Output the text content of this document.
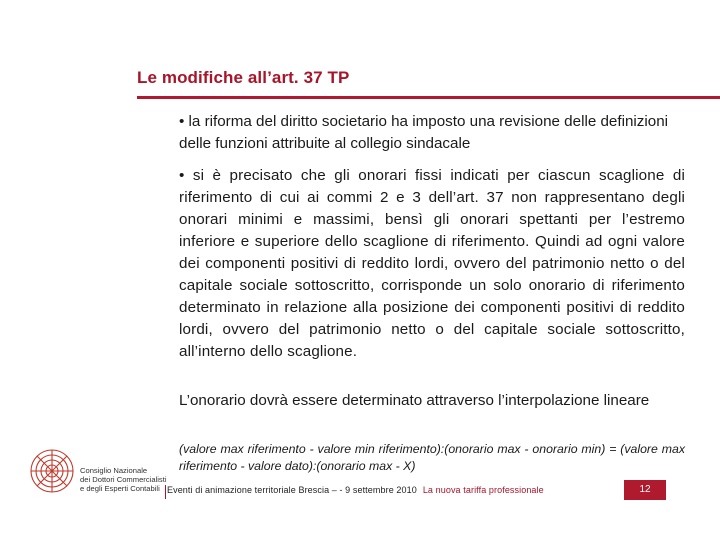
Le modifiche all’art. 37 TP
• la riforma del diritto societario ha imposto una revisione delle definizioni delle funzioni attribuite al collegio sindacale
• si è precisato che gli onorari fissi indicati per ciascun scaglione di riferimento di cui ai commi 2 e 3 dell’art. 37 non rappresentano degli onorari minimi e massimi, bensì gli onorari spettanti per l’estremo inferiore e superiore dello scaglione di riferimento. Quindi ad ogni valore dei componenti positivi di reddito lordi, ovvero del patrimonio netto o del capitale sociale sottoscritto, corrisponde un solo onorario di riferimento determinato in relazione alla posizione dei componenti positivi di reddito lordi, ovvero del patrimonio netto o del capitale sociale sottoscritto, all’interno dello scaglione.
L’onorario dovrà essere determinato attraverso l’interpolazione lineare
(valore max riferimento - valore min riferimento):(onorario max - onorario min) = (valore max riferimento - valore dato):(onorario max - X)
Consiglio Nazionale
dei Dottori Commercialisti
e degli Esperti Contabili Eventi di animazione territoriale Brescia – - 9 settembre 2010 La nuova tariffa professionale	12
